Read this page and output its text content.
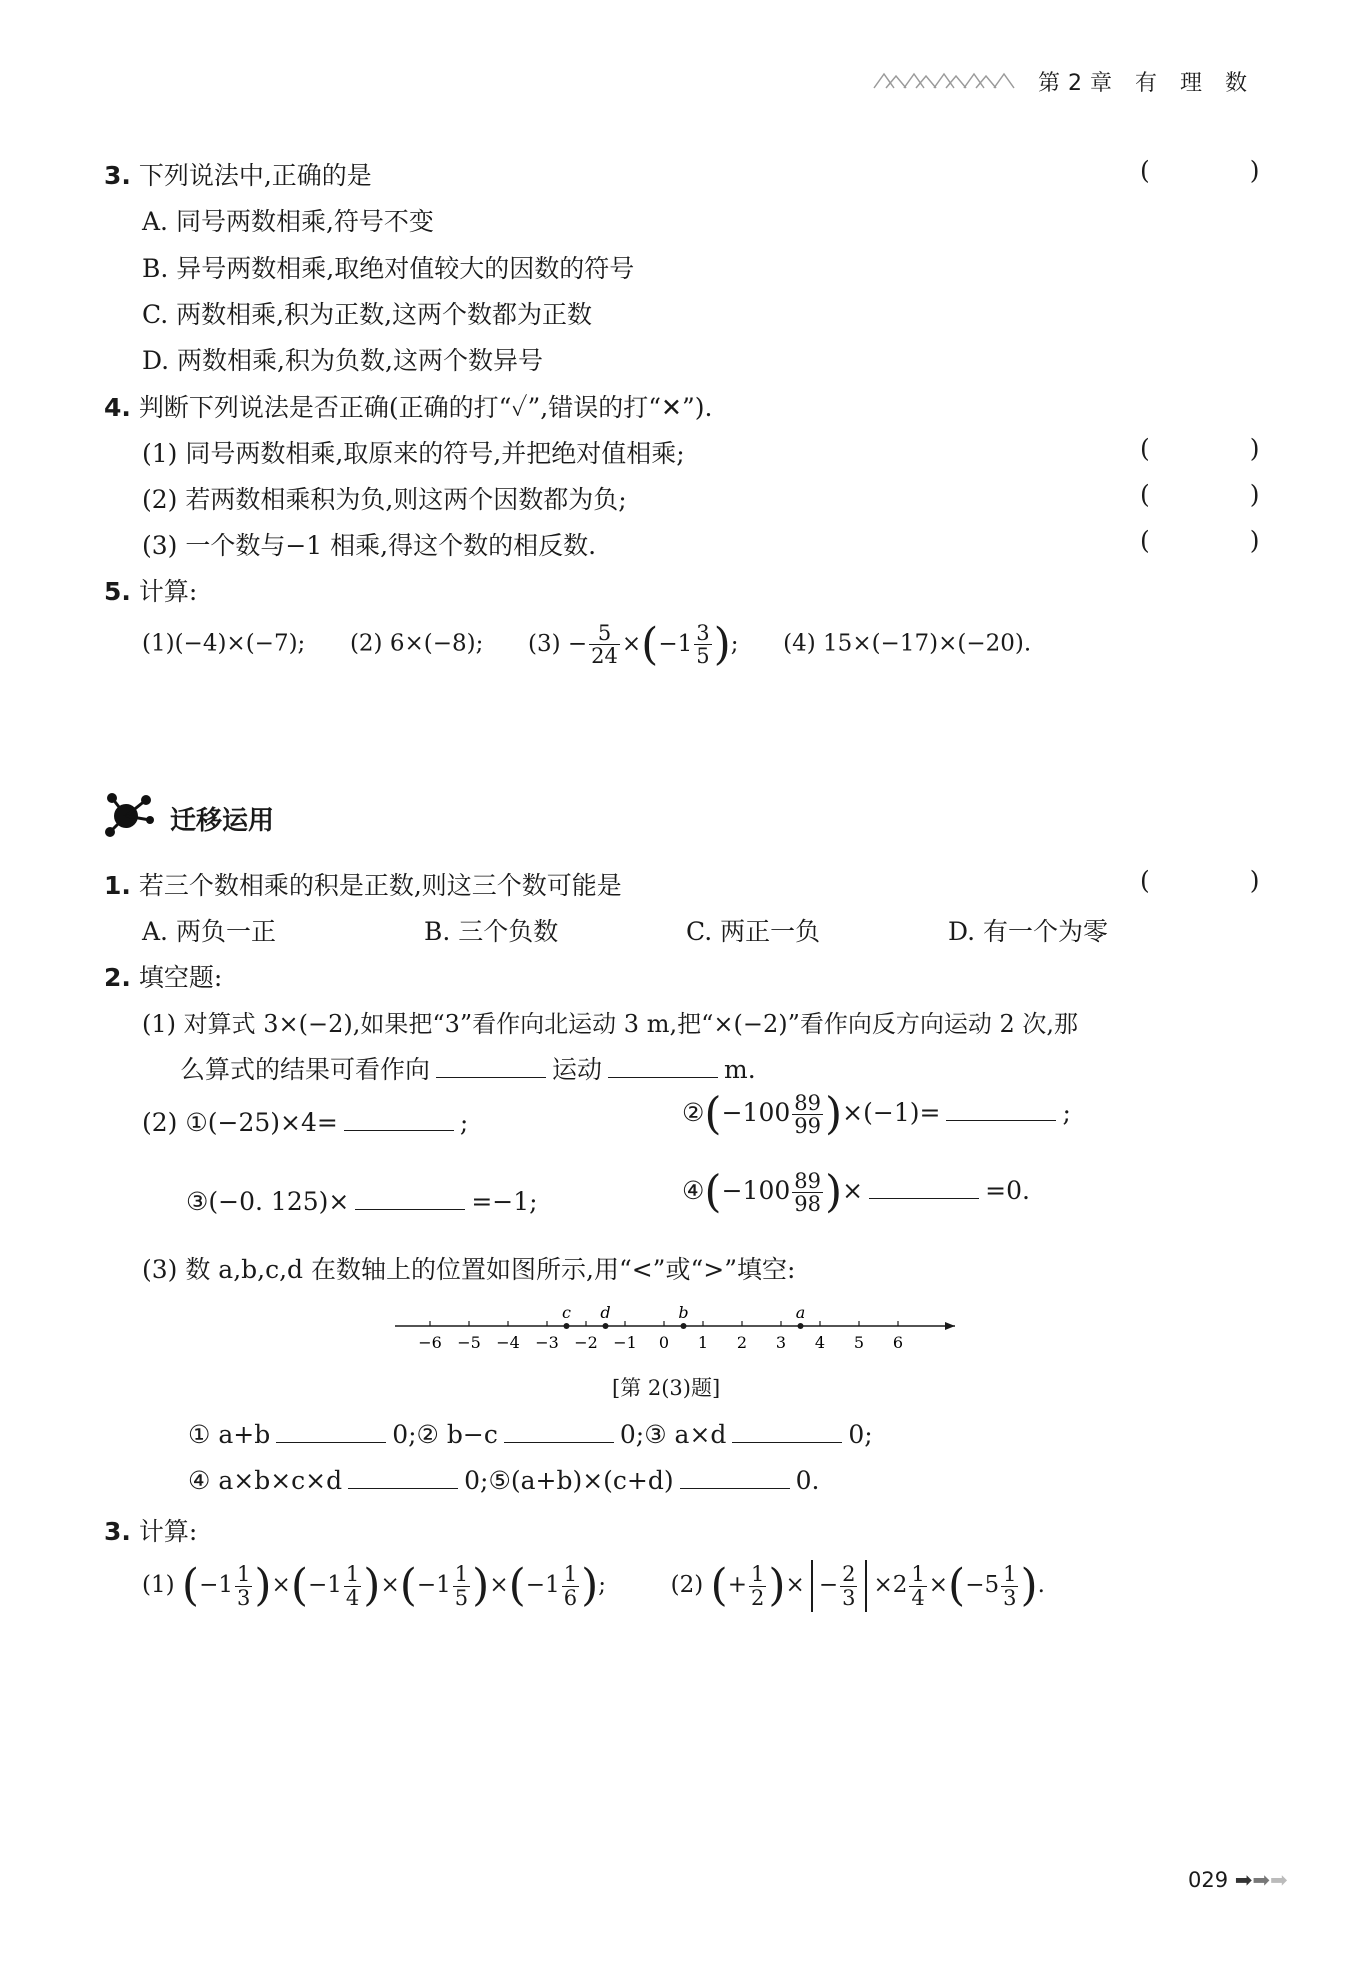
第2章 有 理 数
3. 下列说法中,正确的是	( )
A. 同号两数相乘,符号不变
B. 异号两数相乘,取绝对值较大的因数的符号
C. 两数相乘,积为正数,这两个数都为正数
D. 两数相乘,积为负数,这两个数异号
4. 判断下列说法是否正确(正确的打“✓”,错误的打“✕”).
(1) 同号两数相乘,取原来的符号,并把绝对值相乘;	( )
(2) 若两数相乘积为负,则这两个因数都为负;	( )
(3) 一个数与−1 相乘,得这个数的相反数.	( )
5. 计算:
(1)(−4)×(−7); (2) 6×(−8); $(3) - \frac{5}{24} \times(-1 \frac{3}{5}$ ); (4) 15×(−17)×(−20).
迁移运用
1. 若三个数相乘的积是正数,则这三个数可能是	( )
A. 两负一正	B. 三个负数	C. 两正一负	D. 有一个为零
2. 填空题:
(1) 对算式 3×(−2),如果把“3”看作向北运动 3 m,把“×(−2)”看作向反方向运动 2 次,那
么算式的结果可看作向	运动	m.
(2) ①(−25)×4=	;	②(−100 $\frac{89}{99} )\times(-1)=$	;
③(−0. 125)×	=−1;	④(−100 $\frac{89}{98}$ )×	=0.
(3) 数 a,b,c,d 在数轴上的位置如图所示,用“<”或“>”填空:
−6 −5 −4 −3 −2 −1 0 1 2 3 4 5 6
c d	b	a
[第 2(3)题]
① a+b	0;② b−c	0;③ a×d	0;
④ a×b×c×d	0;⑤(a+b)×(c+d)	0.
3. 计算:
(1) $(-1 \frac{1}{3} )\times(-1 \frac{1}{4} )\times(-1 \frac{1}{5} )\times(-1 \frac{1}{6}$ );	(2) (+ $\frac{1}{2}$ )× − $\frac{2}{3} \times 2 \frac{1}{4} \times(-5 \frac{1}{3}$ ).
029 ➡➡➡
